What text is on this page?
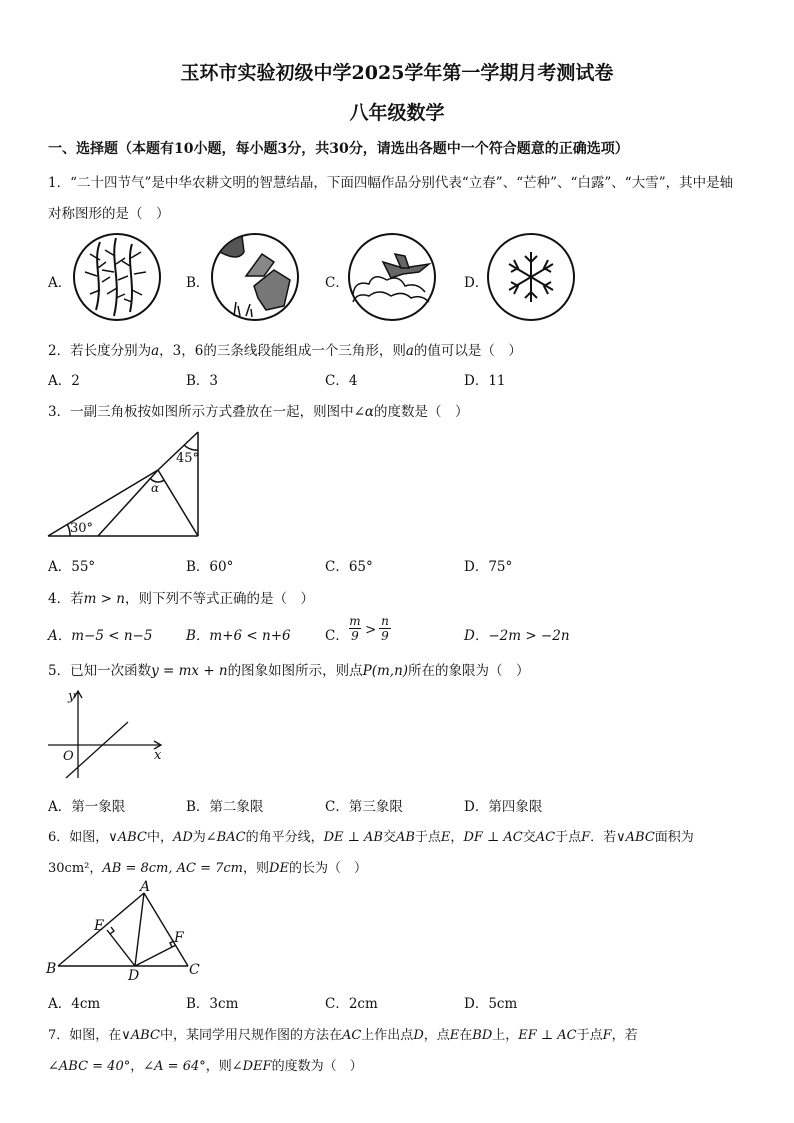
玉环市实验初级中学2025学年第一学期月考测试卷
八年级数学
一、选择题（本题有10小题，每小题3分，共30分，请选出各题中一个符合题意的正确选项）
1．“二十四节气”是中华农耕文明的智慧结晶，下面四幅作品分别代表“立春”、“芒种”、“白露”、“大雪”，其中是轴
对称图形的是（　）
A．	B．	C．	D．
2．若长度分别为a，3，6的三条线段能组成一个三角形，则a的值可以是（　）
A．2	B．3	C．4	D．11
3．一副三角板按如图所示方式叠放在一起，则图中∠α的度数是（　）
45°
30°
α
A．55°	B．60°	C．65°	D．75°
4．若m > n，则下列不等式正确的是（　）
A．m−5 < n−5 B．m+6 < n+6	C．
m
9 >
n
9	D．−2m > −2n
5．已知一次函数y = mx + n的图象如图所示，则点P(m,n)所在的象限为（　）
y
x
O
A．第一象限	B．第二象限	C．第三象限	D．第四象限
6．如图，∨ABC中，AD为∠BAC的角平分线，DE ⊥ AB交AB于点E，DF ⊥ AC交AC于点F．若∨ABC面积为
30cm²，AB = 8cm, AC = 7cm，则DE的长为（　）
A
B	C
D
E
F
A．4cm	B．3cm	C．2cm	D．5cm
7．如图，在∨ABC中，某同学用尺规作图的方法在AC上作出点D，点E在BD上，EF ⊥ AC于点F，若
∠ABC = 40°，∠A = 64°，则∠DEF的度数为（　）
